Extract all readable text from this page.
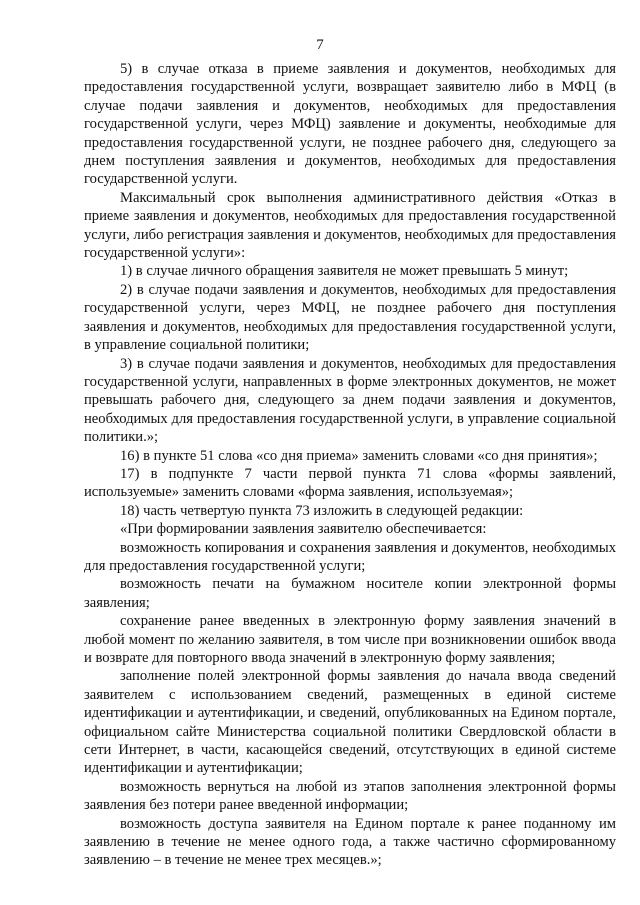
7

5) в случае отказа в приеме заявления и документов, необходимых для предоставления государственной услуги, возвращает заявителю либо в МФЦ (в случае подачи заявления и документов, необходимых для предоставления государственной услуги, через МФЦ) заявление и документы, необходимые для предоставления государственной услуги, не позднее рабочего дня, следующего за днем поступления заявления и документов, необходимых для предоставления государственной услуги.

Максимальный срок выполнения административного действия «Отказ в приеме заявления и документов, необходимых для предоставления государственной услуги, либо регистрация заявления и документов, необходимых для предоставления государственной услуги»:

1) в случае личного обращения заявителя не может превышать 5 минут;

2) в случае подачи заявления и документов, необходимых для предоставления государственной услуги, через МФЦ, не позднее рабочего дня поступления заявления и документов, необходимых для предоставления государственной услуги, в управление социальной политики;

3) в случае подачи заявления и документов, необходимых для предоставления государственной услуги, направленных в форме электронных документов, не может превышать рабочего дня, следующего за днем подачи заявления и документов, необходимых для предоставления государственной услуги, в управление социальной политики.»;

16) в пункте 51 слова «со дня приема» заменить словами «со дня принятия»;

17) в подпункте 7 части первой пункта 71 слова «формы заявлений, используемые» заменить словами «форма заявления, используемая»;

18) часть четвертую пункта 73 изложить в следующей редакции:

«При формировании заявления заявителю обеспечивается:

возможность копирования и сохранения заявления и документов, необходимых для предоставления государственной услуги;

возможность печати на бумажном носителе копии электронной формы заявления;

сохранение ранее введенных в электронную форму заявления значений в любой момент по желанию заявителя, в том числе при возникновении ошибок ввода и возврате для повторного ввода значений в электронную форму заявления;

заполнение полей электронной формы заявления до начала ввода сведений заявителем с использованием сведений, размещенных в единой системе идентификации и аутентификации, и сведений, опубликованных на Едином портале, официальном сайте Министерства социальной политики Свердловской области в сети Интернет, в части, касающейся сведений, отсутствующих в единой системе идентификации и аутентификации;

возможность вернуться на любой из этапов заполнения электронной формы заявления без потери ранее введенной информации;

возможность доступа заявителя на Едином портале к ранее поданному им заявлению в течение не менее одного года, а также частично сформированному заявлению – в течение не менее трех месяцев.»;
